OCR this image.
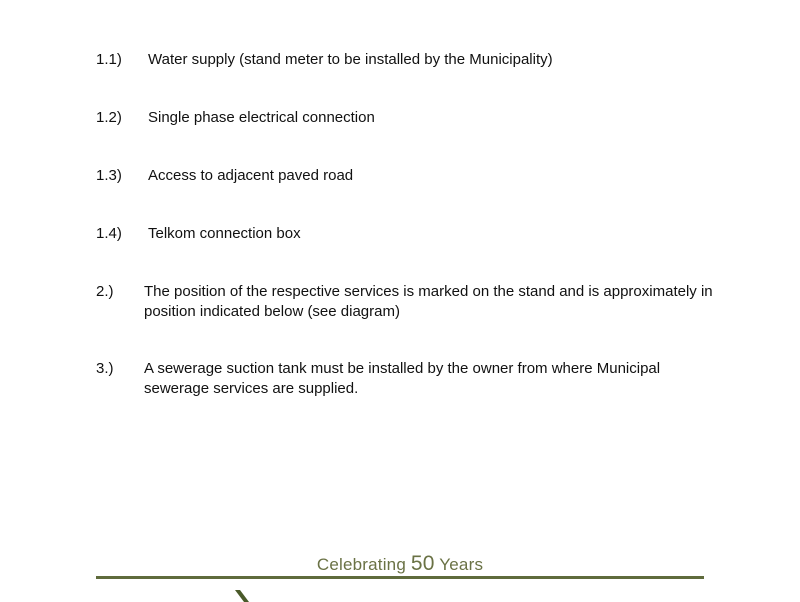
1.1) Water supply (stand meter to be installed by the Municipality)
1.2) Single phase electrical connection
1.3) Access to adjacent paved road
1.4) Telkom connection box
2.) The position of the respective services is marked on the stand and is approximately in
position indicated below (see diagram)
3.) A sewerage suction tank must be installed by the owner from where Municipal
sewerage services are supplied.
Celebrating 50 Years
